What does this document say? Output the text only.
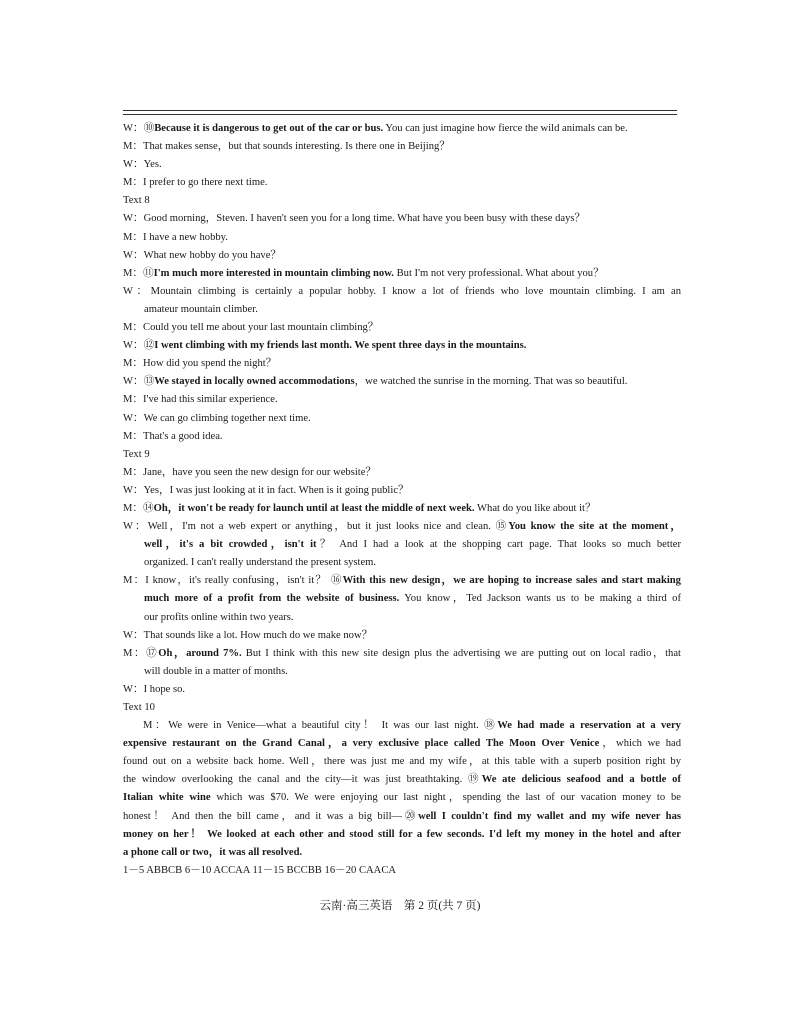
W：⑩Because it is dangerous to get out of the car or bus. You can just imagine how fierce the wild animals can be.
M：That makes sense，but that sounds interesting. Is there one in Beijing？
W：Yes.
M：I prefer to go there next time.
Text 8
W：Good morning，Steven. I haven't seen you for a long time. What have you been busy with these days？
M：I have a new hobby.
W：What new hobby do you have？
M：⑪I'm much more interested in mountain climbing now. But I'm not very professional. What about you？
W：Mountain climbing is certainly a popular hobby. I know a lot of friends who love mountain climbing. I am an
amateur mountain climber.
M：Could you tell me about your last mountain climbing？
W：⑫I went climbing with my friends last month. We spent three days in the mountains.
M：How did you spend the night？
W：⑬We stayed in locally owned accommodations，we watched the sunrise in the morning. That was so beautiful.
M：I've had this similar experience.
W：We can go climbing together next time.
M：That's a good idea.
Text 9
M：Jane，have you seen the new design for our website？
W：Yes，I was just looking at it in fact. When is it going public？
M：⑭Oh，it won't be ready for launch until at least the middle of next week. What do you like about it？
W：Well，I'm not a web expert or anything，but it just looks nice and clean. ⑮You know the site at the moment，
well，it's a bit crowded，isn't it？ And I had a look at the shopping cart page. That looks so much better
organized. I can't really understand the present system.
M：I know，it's really confusing，isn't it？ ⑯With this new design，we are hoping to increase sales and start making
much more of a profit from the website of business. You know，Ted Jackson wants us to be making a third of
our profits online within two years.
W：That sounds like a lot. How much do we make now？
M：⑰Oh，around 7%. But I think with this new site design plus the advertising we are putting out on local radio，that
will double in a matter of months.
W：I hope so.
Text 10
M：We were in Venice—what a beautiful city！ It was our last night. ⑱We had made a reservation at a very
expensive restaurant on the Grand Canal，a very exclusive place called The Moon Over Venice，which we had
found out on a website back home. Well，there was just me and my wife，at this table with a superb position right by
the window overlooking the canal and the city—it was just breathtaking. ⑲We ate delicious seafood and a bottle of
Italian white wine which was $70. We were enjoying our last night，spending the last of our vacation money to be
honest！ And then the bill came，and it was a big bill—⑳well I couldn't find my wallet and my wife never has
money on her！ We looked at each other and stood still for a few seconds. I'd left my money in the hotel and after
a phone call or two，it was all resolved.
1－5 ABBCB 6－10 ACCAA 11－15 BCCBB 16－20 CAACA
云南·高三英语　第 2 页(共 7 页)
